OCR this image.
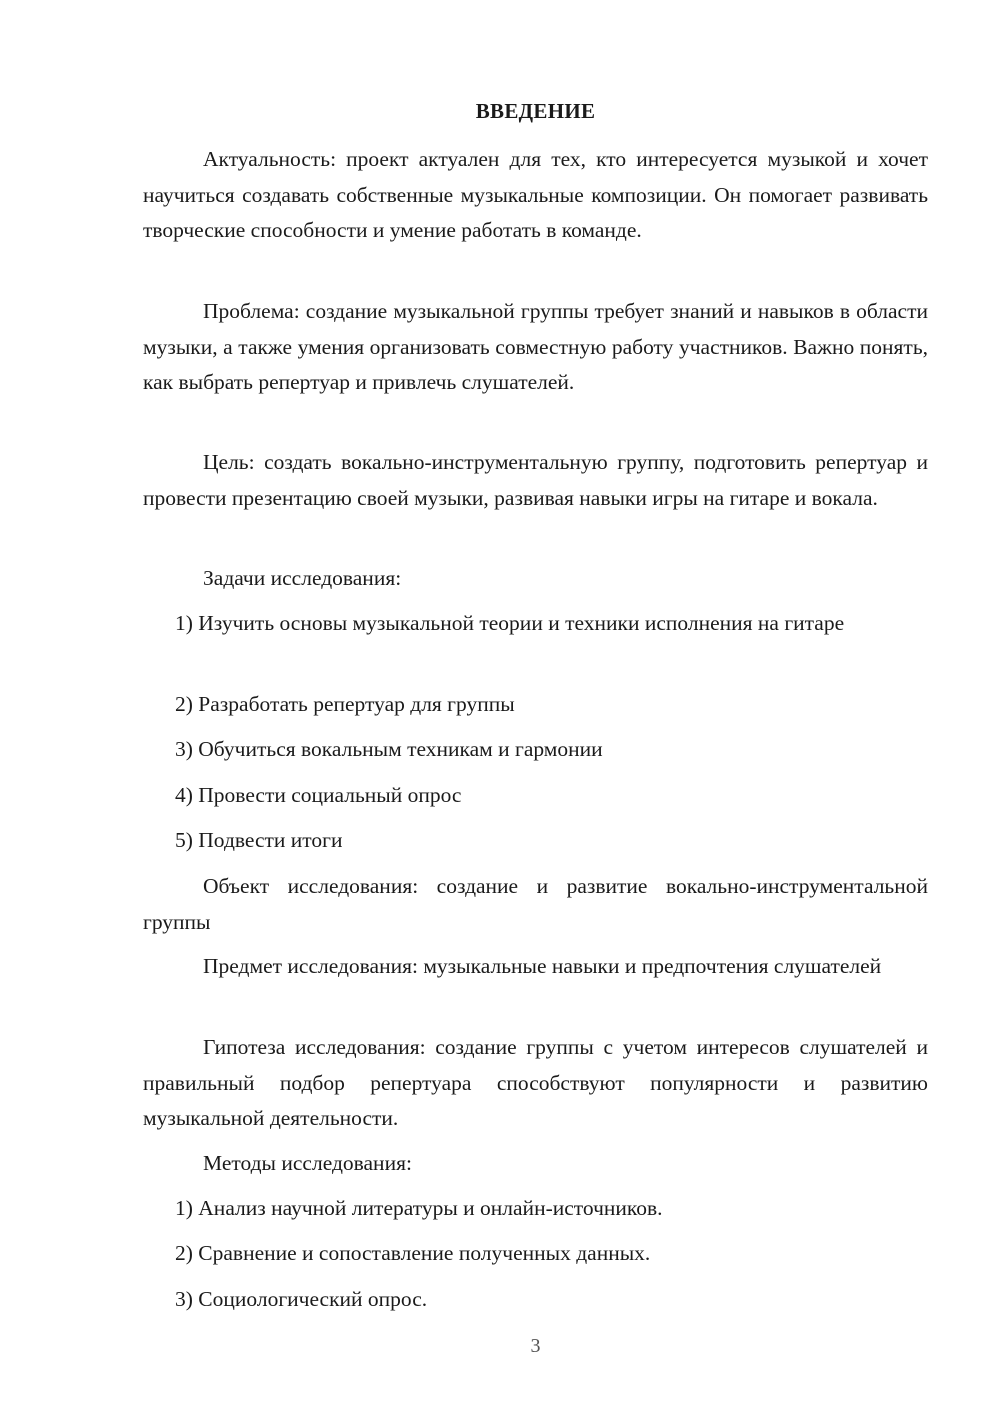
ВВЕДЕНИЕ

Актуальность: проект актуален для тех, кто интересуется музыкой и хочет научиться создавать собственные музыкальные композиции. Он помогает развивать творческие способности и умение работать в команде.

Проблема: создание музыкальной группы требует знаний и навыков в области музыки, а также умения организовать совместную работу участников. Важно понять, как выбрать репертуар и привлечь слушателей.

Цель: создать вокально-инструментальную группу, подготовить репертуар и провести презентацию своей музыки, развивая навыки игры на гитаре и вокала.

Задачи исследования:

1) Изучить основы музыкальной теории и техники исполнения на гитаре

2) Разработать репертуар для группы

3) Обучиться вокальным техникам и гармонии

4) Провести социальный опрос

5) Подвести итоги

Объект исследования: создание и развитие вокально-инструментальной группы

Предмет исследования: музыкальные навыки и предпочтения слушателей

Гипотеза исследования: создание группы с учетом интересов слушателей и правильный подбор репертуара способствуют популярности и развитию музыкальной деятельности.

Методы исследования:

1) Анализ научной литературы и онлайн-источников.

2) Сравнение и сопоставление полученных данных.

3) Социологический опрос.

3
